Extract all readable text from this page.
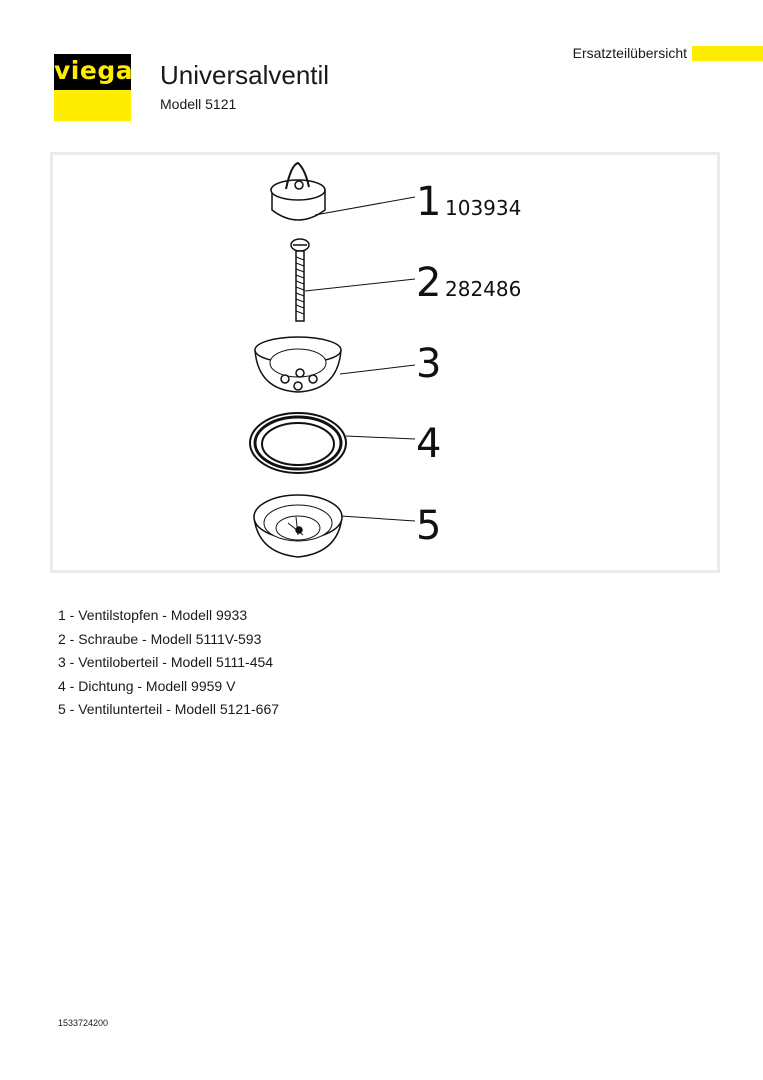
viega Universalventil
Modell 5121
Ersatzteilübersicht
1 103934
2 282486
3
4
5
1 - Ventilstopfen - Modell 9933
2 - Schraube - Modell 5111V-593
3 - Ventiloberteil - Modell 5111-454
4 - Dichtung - Modell 9959 V
5 - Ventilunterteil - Modell 5121-667
1533724200
